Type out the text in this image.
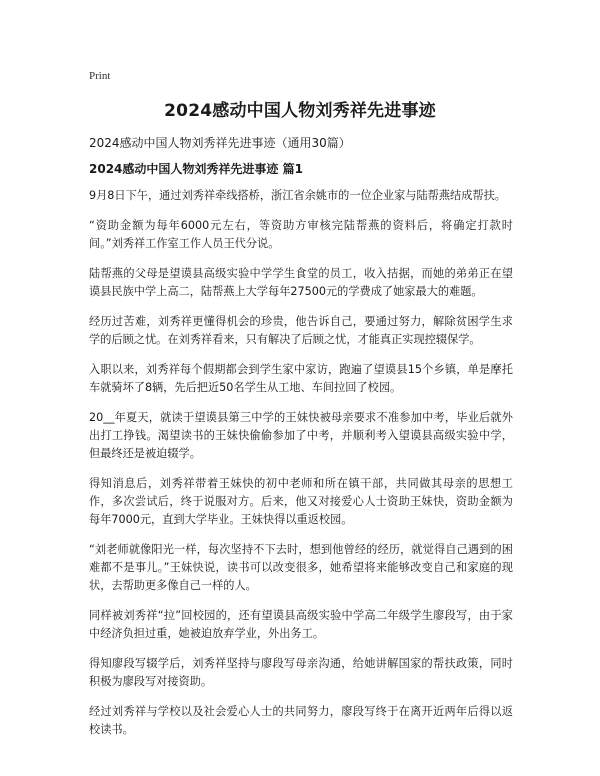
Print
2024感动中国人物刘秀祥先进事迹

2024感动中国人物刘秀祥先进事迹（通用30篇）

2024感动中国人物刘秀祥先进事迹 篇1

9月8日下午，通过刘秀祥牵线搭桥，浙江省余姚市的一位企业家与陆帮燕结成帮扶。

“资助金额为每年6000元左右，等资助方审核完陆帮燕的资料后，将确定打款时间。”刘秀祥工作室工作人员王代分说。

陆帮燕的父母是望谟县高级实验中学学生食堂的员工，收入拮据，而她的弟弟正在望谟县民族中学上高二，陆帮燕上大学每年27500元的学费成了她家最大的难题。

经历过苦难，刘秀祥更懂得机会的珍贵，他告诉自己，要通过努力，解除贫困学生求学的后顾之忧。在刘秀祥看来，只有解决了后顾之忧，才能真正实现控辍保学。

入职以来，刘秀祥每个假期都会到学生家中家访，跑遍了望谟县15个乡镇，单是摩托车就骑坏了8辆，先后把近50名学生从工地、车间拉回了校园。

20__年夏天，就读于望谟县第三中学的王妹快被母亲要求不准参加中考，毕业后就外出打工挣钱。渴望读书的王妹快偷偷参加了中考，并顺利考入望谟县高级实验中学，但最终还是被迫辍学。

得知消息后，刘秀祥带着王妹快的初中老师和所在镇干部，共同做其母亲的思想工作，多次尝试后，终于说服对方。后来，他又对接爱心人士资助王妹快，资助金额为每年7000元，直到大学毕业。王妹快得以重返校园。

“刘老师就像阳光一样，每次坚持不下去时，想到他曾经的经历，就觉得自己遇到的困难都不是事儿。”王妹快说，读书可以改变很多，她希望将来能够改变自己和家庭的现状，去帮助更多像自己一样的人。

同样被刘秀祥“拉”回校园的，还有望谟县高级实验中学高二年级学生廖段写，由于家中经济负担过重，她被迫放弃学业，外出务工。

得知廖段写辍学后，刘秀祥坚持与廖段写母亲沟通，给她讲解国家的帮扶政策，同时积极为廖段写对接资助。

经过刘秀祥与学校以及社会爱心人士的共同努力，廖段写终于在离开近两年后得以返校读书。
